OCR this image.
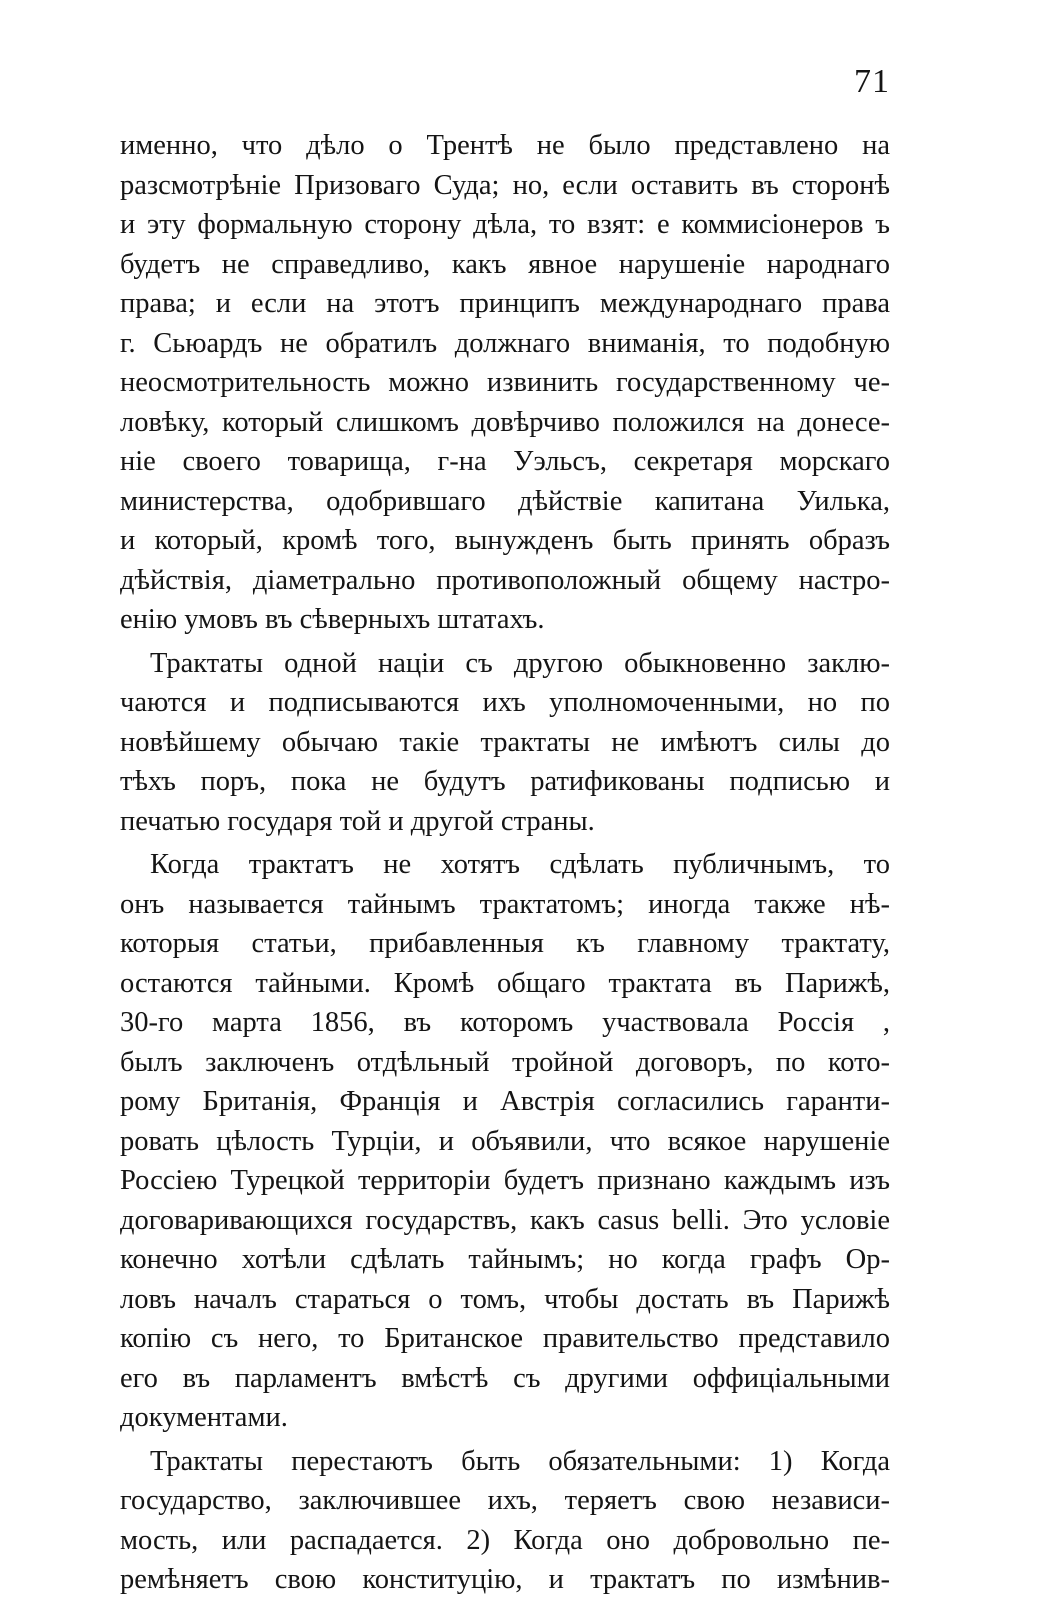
71
именно, что дѣло о Трентѣ не было представлено на
разсмотрѣніе Призоваго Суда; но, если оставить въ сторонѣ
и эту формальную сторону дѣла, то взят: е коммисіонеров ъ
будетъ не справедливо, какъ явное нарушеніе народнаго
права; и если на этотъ принципъ международнаго права
г. Сьюардъ не обратилъ должнаго вниманія, то подобную
неосмотрительность можно извинить государственному че-
ловѣку, который слишкомъ довѣрчиво положился на донесе-
ніе своего товарища, г-на Уэльсъ, секретаря морскаго
министерства, одобрившаго дѣйствіе капитана Уилька,
и который, кромѣ того, вынужденъ быть принять образъ
дѣйствія, діаметрально противоположный общему настро-
енію умовъ въ сѣверныхъ штатахъ.
Трактаты одной націи съ другою обыкновенно заклю-
чаются и подписываются ихъ уполномоченными, но по
новѣйшему обычаю такіе трактаты не имѣютъ силы до
тѣхъ поръ, пока не будутъ ратификованы подписью и
печатью государя той и другой страны.
Когда трактатъ не хотятъ сдѣлать публичнымъ, то
онъ называется тайнымъ трактатомъ; иногда также нѣ-
которыя статьи, прибавленныя къ главному трактату,
остаются тайными. Кромѣ общаго трактата въ Парижѣ,
30-го марта 1856, въ которомъ участвовала Россія ,
былъ заключенъ отдѣльный тройной договоръ, по кото-
рому Британія, Франція и Австрія согласились гаранти-
ровать цѣлость Турціи, и объявили, что всякое нарушеніе
Россіею Турецкой территоріи будетъ признано каждымъ изъ
договаривающихся государствъ, какъ casus belli. Это условіе
конечно хотѣли сдѣлать тайнымъ; но когда графъ Ор-
ловъ началъ стараться о томъ, чтобы достать въ Парижѣ
копію съ него, то Британское правительство представило
его въ парламентъ вмѣстѣ съ другими оффиціальными
документами.
Трактаты перестаютъ быть обязательными: 1) Когда
государство, заключившее ихъ, теряетъ свою независи-
мость, или распадается. 2) Когда оно добровольно пе-
ремѣняетъ свою конституцію, и трактатъ по измѣнив-
